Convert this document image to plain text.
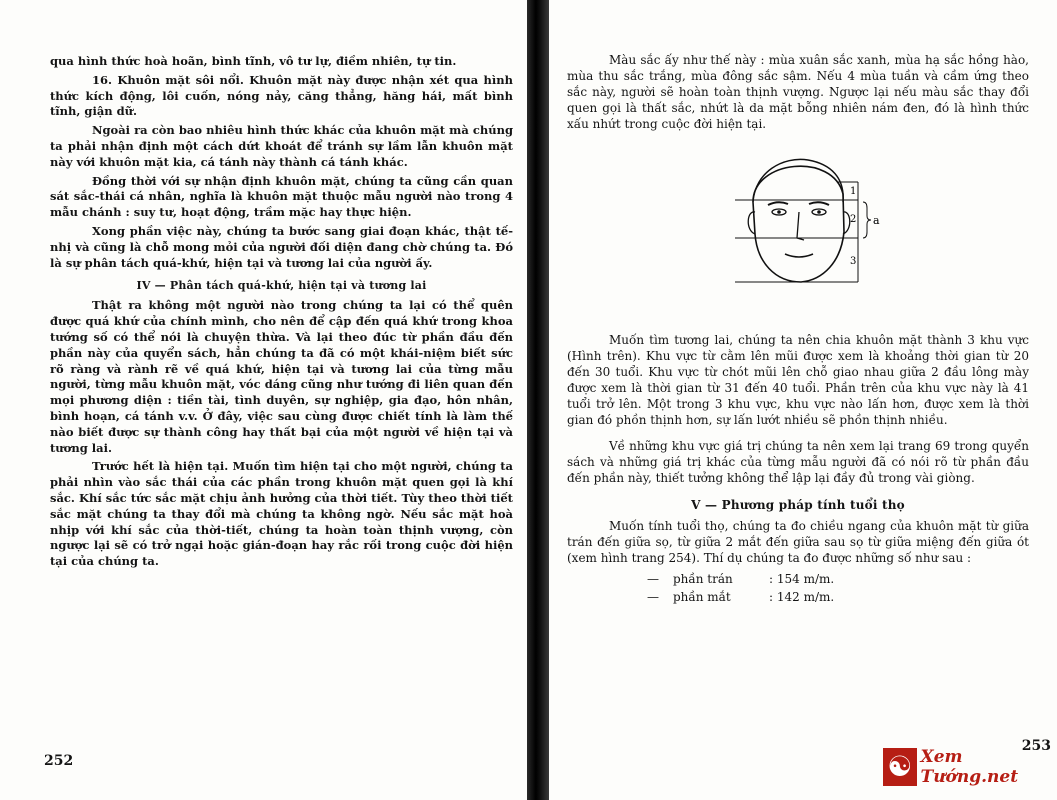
qua hình thức hoà hoãn, bình tĩnh, vô tư lự, điềm nhiên, tự tin.

16. Khuôn mặt sôi nổi. Khuôn mặt này được nhận xét qua hình thức kích động, lôi cuốn, nóng nảy, căng thẳng, hăng hái, mất bình tĩnh, giận dữ.

Ngoài ra còn bao nhiêu hình thức khác của khuôn mặt mà chúng ta phải nhận định một cách dứt khoát để tránh sự lầm lẫn khuôn mặt này với khuôn mặt kia, cá tánh này thành cá tánh khác.

Đồng thời với sự nhận định khuôn mặt, chúng ta cũng cần quan sát sắc-thái cá nhân, nghĩa là khuôn mặt thuộc mẫu người nào trong 4 mẫu chánh : suy tư, hoạt động, trầm mặc hay thực hiện.

Xong phần việc này, chúng ta bước sang giai đoạn khác, thật tế-nhị và cũng là chỗ mong mỏi của người đối diện đang chờ chúng ta. Đó là sự phân tách quá-khứ, hiện tại và tương lai của người ấy.

IV — Phân tách quá-khứ, hiện tại và tương lai

Thật ra không một người nào trong chúng ta lại có thể quên được quá khứ của chính mình, cho nên để cập đến quá khứ trong khoa tướng số có thể nói là chuyện thừa. Và lại theo đúc từ phần đầu đến phần này của quyển sách, hẳn chúng ta đã có một khái-niệm biết sức rõ ràng và rành rẽ về quá khứ, hiện tại và tương lai của từng mẫu người, từng mẫu khuôn mặt, vóc dáng cũng như tướng đi liên quan đến mọi phương diện : tiền tài, tình duyên, sự nghiệp, gia đạo, hôn nhân, bình hoạn, cá tánh v.v. Ở đây, việc sau cùng được chiết tính là làm thế nào biết được sự thành công hay thất bại của một người về hiện tại và tương lai.

Trước hết là hiện tại. Muốn tìm hiện tại cho một người, chúng ta phải nhìn vào sắc thái của các phần trong khuôn mặt quen gọi là khí sắc. Khí sắc tức sắc mặt chịu ảnh hưởng của thời tiết. Tùy theo thời tiết sắc mặt chúng ta thay đổi mà chúng ta không ngờ. Nếu sắc mặt hoà nhịp với khí sắc của thời-tiết, chúng ta hoàn toàn thịnh vượng, còn ngược lại sẽ có trở ngại hoặc gián-đoạn hay rắc rối trong cuộc đời hiện tại của chúng ta.

252

Màu sắc ấy như thế này : mùa xuân sắc xanh, mùa hạ sắc hồng hào, mùa thu sắc trắng, mùa đông sắc sậm. Nếu 4 mùa tuần và cầm ứng theo sắc này, người sẽ hoàn toàn thịnh vượng. Ngược lại nếu màu sắc thay đổi quen gọi là thất sắc, nhứt là da mặt bỗng nhiên nám đen, đó là hình thức xấu nhứt trong cuộc đời hiện tại.

1
2
3
a

Muốn tìm tương lai, chúng ta nên chia khuôn mặt thành 3 khu vực (Hình trên). Khu vực từ cằm lên mũi được xem là khoảng thời gian từ 20 đến 30 tuổi. Khu vực từ chót mũi lên chỗ giao nhau giữa 2 đầu lông mày được xem là thời gian từ 31 đến 40 tuổi. Phần trên của khu vực này là 41 tuổi trở lên. Một trong 3 khu vực, khu vực nào lấn hơn, được xem là thời gian đó phồn thịnh hơn, sự lấn lướt nhiều sẽ phồn thịnh nhiều.

Về những khu vực giá trị chúng ta nên xem lại trang 69 trong quyển sách và những giá trị khác của từng mẫu người đã có nói rõ từ phần đầu đến phần này, thiết tưởng không thể lập lại đầy đủ trong vài giòng.

V — Phương pháp tính tuổi thọ

Muốn tính tuổi thọ, chúng ta đo chiều ngang của khuôn mặt từ giữa trán đến giữa sọ, từ giữa 2 mắt đến giữa sau sọ từ giữa miệng đến giữa ót (xem hình trang 254). Thí dụ chúng ta đo được những số như sau :

—	phần trán	: 154 m/m.
—	phần mắt	: 142 m/m.
253
☯ Xem Tướng.net
